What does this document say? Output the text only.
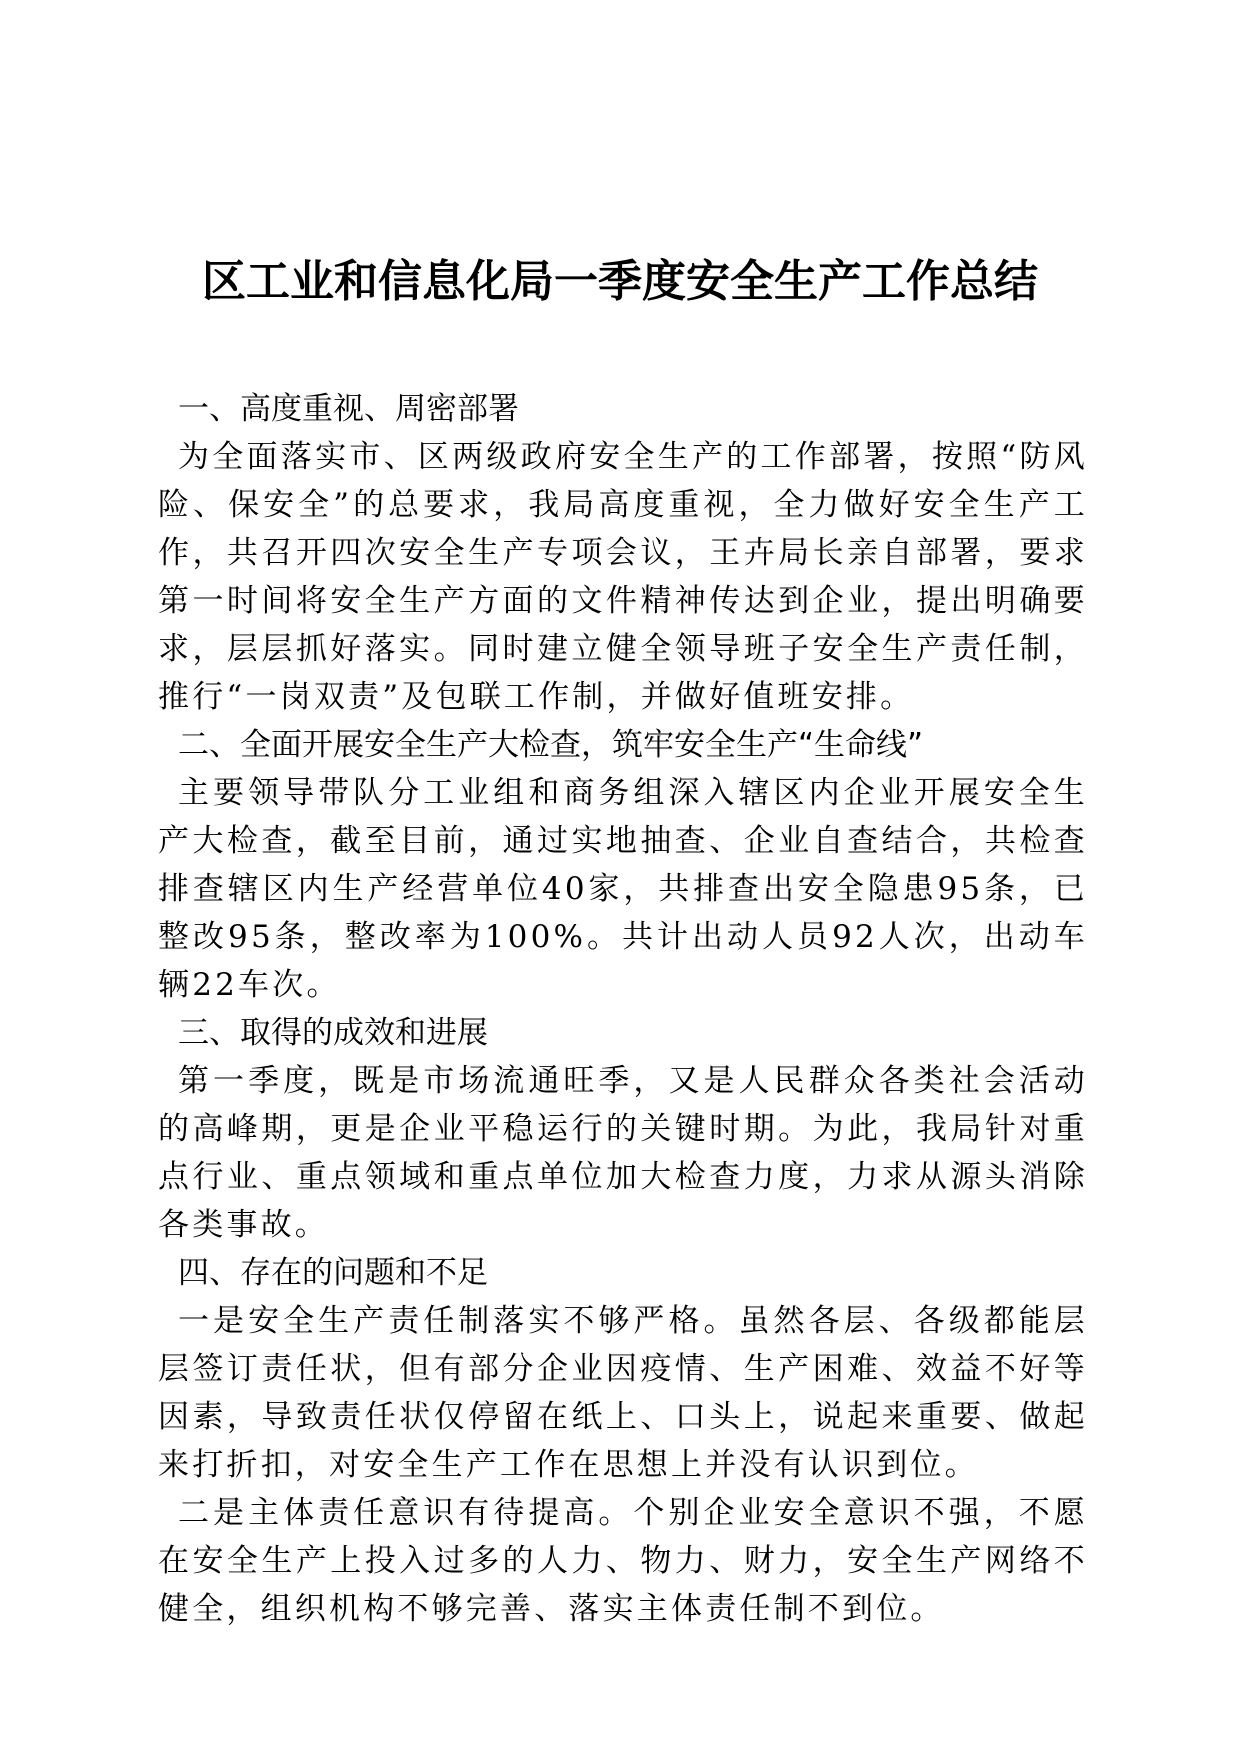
区工业和信息化局一季度安全生产工作总结
一、高度重视、周密部署

为全面落实市、区两级政府安全生产的工作部署，按照“防风险、保安全”的总要求，我局高度重视，全力做好安全生产工作，共召开四次安全生产专项会议，王卉局长亲自部署，要求第一时间将安全生产方面的文件精神传达到企业，提出明确要求，层层抓好落实。同时建立健全领导班子安全生产责任制，推行“一岗双责”及包联工作制，并做好值班安排。

二、全面开展安全生产大检查，筑牢安全生产“生命线”

主要领导带队分工业组和商务组深入辖区内企业开展安全生产大检查，截至目前，通过实地抽查、企业自查结合，共检查排查辖区内生产经营单位40家，共排查出安全隐患95条，已整改95条，整改率为100%。共计出动人员92人次，出动车辆22车次。

三、取得的成效和进展

第一季度，既是市场流通旺季，又是人民群众各类社会活动的高峰期，更是企业平稳运行的关键时期。为此，我局针对重点行业、重点领域和重点单位加大检查力度，力求从源头消除各类事故。

四、存在的问题和不足

一是安全生产责任制落实不够严格。虽然各层、各级都能层层签订责任状，但有部分企业因疫情、生产困难、效益不好等因素，导致责任状仅停留在纸上、口头上，说起来重要、做起来打折扣，对安全生产工作在思想上并没有认识到位。

二是主体责任意识有待提高。个别企业安全意识不强，不愿在安全生产上投入过多的人力、物力、财力，安全生产网络不健全，组织机构不够完善、落实主体责任制不到位。
